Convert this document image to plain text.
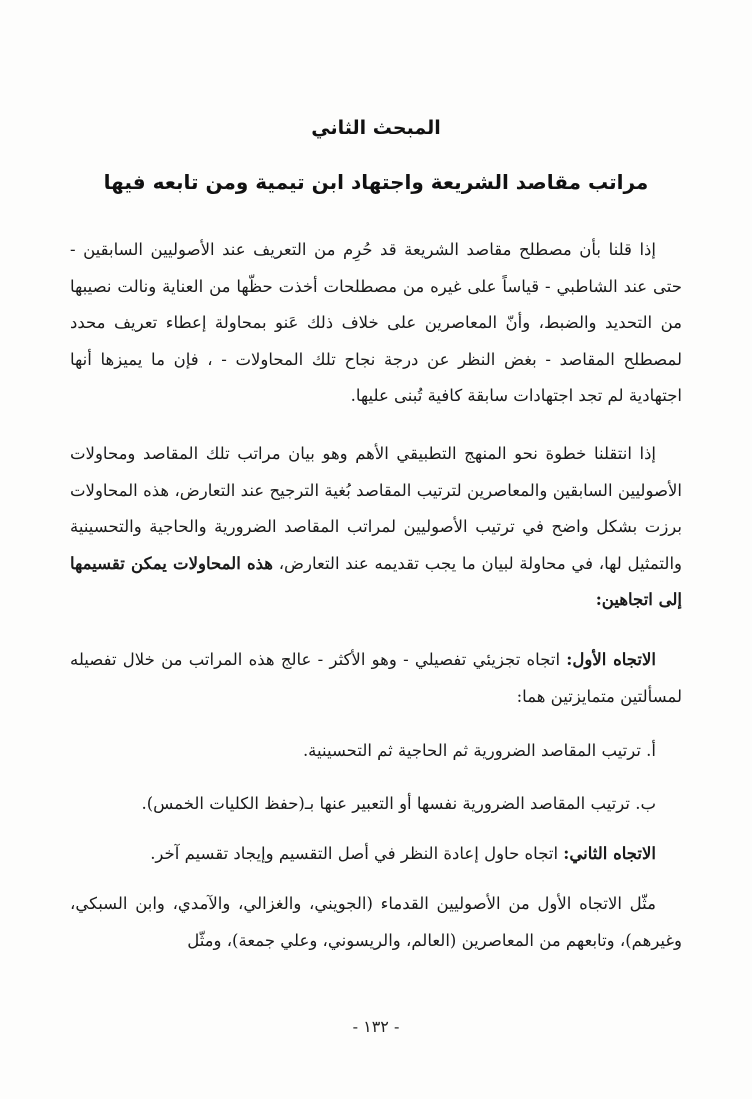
المبحث الثاني
مراتب مقاصد الشريعة واجتهاد ابن تيمية ومن تابعه فيها
إذا قلنا بأن مصطلح مقاصد الشريعة قد حُرِم من التعريف عند الأصوليين السابقين - حتى عند الشاطبي - قياساً على غيره من مصطلحات أخذت حظّها من العناية ونالت نصيبها من التحديد والضبط، وأنّ المعاصرين على خلاف ذلك عَنو بمحاولة إعطاء تعريف محدد لمصطلح المقاصد - بغض النظر عن درجة نجاح تلك المحاولات - ، فإن ما يميزها أنها اجتهادية لم تجد اجتهادات سابقة كافية تُبنى عليها.
إذا انتقلنا خطوة نحو المنهج التطبيقي الأهم وهو بيان مراتب تلك المقاصد ومحاولات الأصوليين السابقين والمعاصرين لترتيب المقاصد بُغية الترجيح عند التعارض، هذه المحاولات برزت بشكل واضح في ترتيب الأصوليين لمراتب المقاصد الضرورية والحاجية والتحسينية والتمثيل لها، في محاولة لبيان ما يجب تقديمه عند التعارض، هذه المحاولات يمكن تقسيمها إلى اتجاهين:
الاتجاه الأول: اتجاه تجزيئي تفصيلي - وهو الأكثر - عالج هذه المراتب من خلال تفصيله لمسألتين متمايزتين هما:
أ. ترتيب المقاصد الضرورية ثم الحاجية ثم التحسينية.
ب. ترتيب المقاصد الضرورية نفسها أو التعبير عنها بـ(حفظ الكليات الخمس).
الاتجاه الثاني: اتجاه حاول إعادة النظر في أصل التقسيم وإيجاد تقسيم آخر.
مثّل الاتجاه الأول من الأصوليين القدماء (الجويني، والغزالي، والآمدي، وابن السبكي، وغيرهم)، وتابعهم من المعاصرين (العالم، والريسوني، وعلي جمعة)، ومثّل
- ١٣٢ -
